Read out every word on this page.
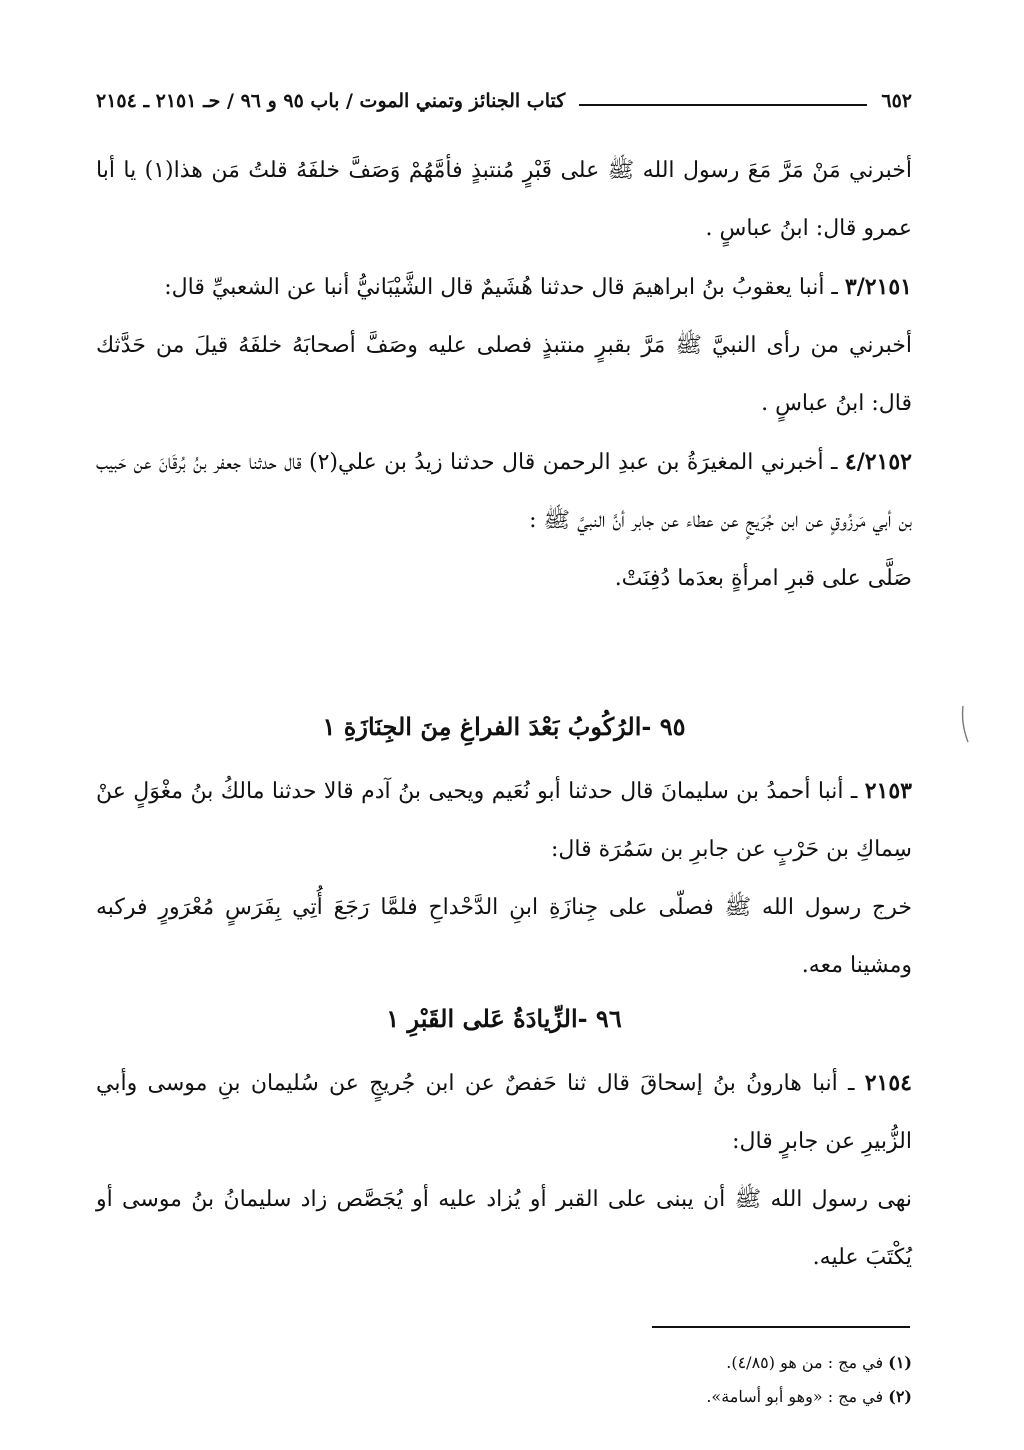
٦٥٢
كتاب الجنائز وتمني الموت / باب ٩٥ و ٩٦ / حـ ٢١٥١ ـ ٢١٥٤

أخبرني مَنْ مَرَّ مَعَ رسول الله ﷺ على قَبْرٍ مُنتبذٍ فأمَّهُمْ وَصَفَّ خلفَهُ قلتُ مَن هذا(١) يا أبا عمرو قال: ابنُ عباسٍ .

٣/٢١٥١ ـ أنبا يعقوبُ بنُ ابراهيمَ قال حدثنا هُشَيمٌ قال الشَّيْبَانيُّ أنبا عن الشعبيِّ قال:

أخبرني من رأى النبيَّ ﷺ مَرَّ بقبرٍ منتبذٍ فصلى عليه وصَفَّ أصحابَهُ خلفَهُ قيلَ من حَدَّثك قال: ابنُ عباسٍ .

٤/٢١٥٢ ـ أخبرني المغيرَةُ بن عبدِ الرحمن قال حدثنا زيدُ بن علي(٢) قال حدثنا جعفر بنُ بُرقَانَ عن حَبيب بن أبي مَرزُوقٍ عن ابن جُرَيجٍ عن عطاء عن جابر أنَّ النبيَّ ﷺ :

صَلَّى على قبرِ امرأةٍ بعدَما دُفِنَتْ.

٩٥ -الرُكُوبُ بَعْدَ الفراغِ مِنَ الجِنَازَةِ ١

٢١٥٣ ـ أنبا أحمدُ بن سليمانَ قال حدثنا أبو نُعَيم ويحيى بنُ آدم قالا حدثنا مالكُ بنُ مغْوَلٍ عنْ سِماكِ بن حَرْبٍ عن جابرِ بن سَمُرَة قال:

خرج رسول الله ﷺ فصلّى على جِنازَةِ ابنِ الدَّحْداحِ فلمَّا رَجَعَ أُتِي بِفَرَسٍ مُعْرَورٍ فركبه ومشينا معه.

٩٦ -الزِّيادَةُ عَلى القَبْرِ ١

٢١٥٤ ـ أنبا هارونُ بنُ إسحاقَ قال ثنا حَفصٌ عن ابن جُريجٍ عن سُليمان بنِ موسى وأبي الزُّبيرِ عن جابرٍ قال:

نهى رسول الله ﷺ أن يبنى على القبر أو يُزاد عليه أو يُجَصَّص زاد سليمانُ بنُ موسى أو يُكْتَبَ عليه.

(١) في مج : من هو (٤/٨٥).
(٢) في مج : «وهو أبو أسامة».
